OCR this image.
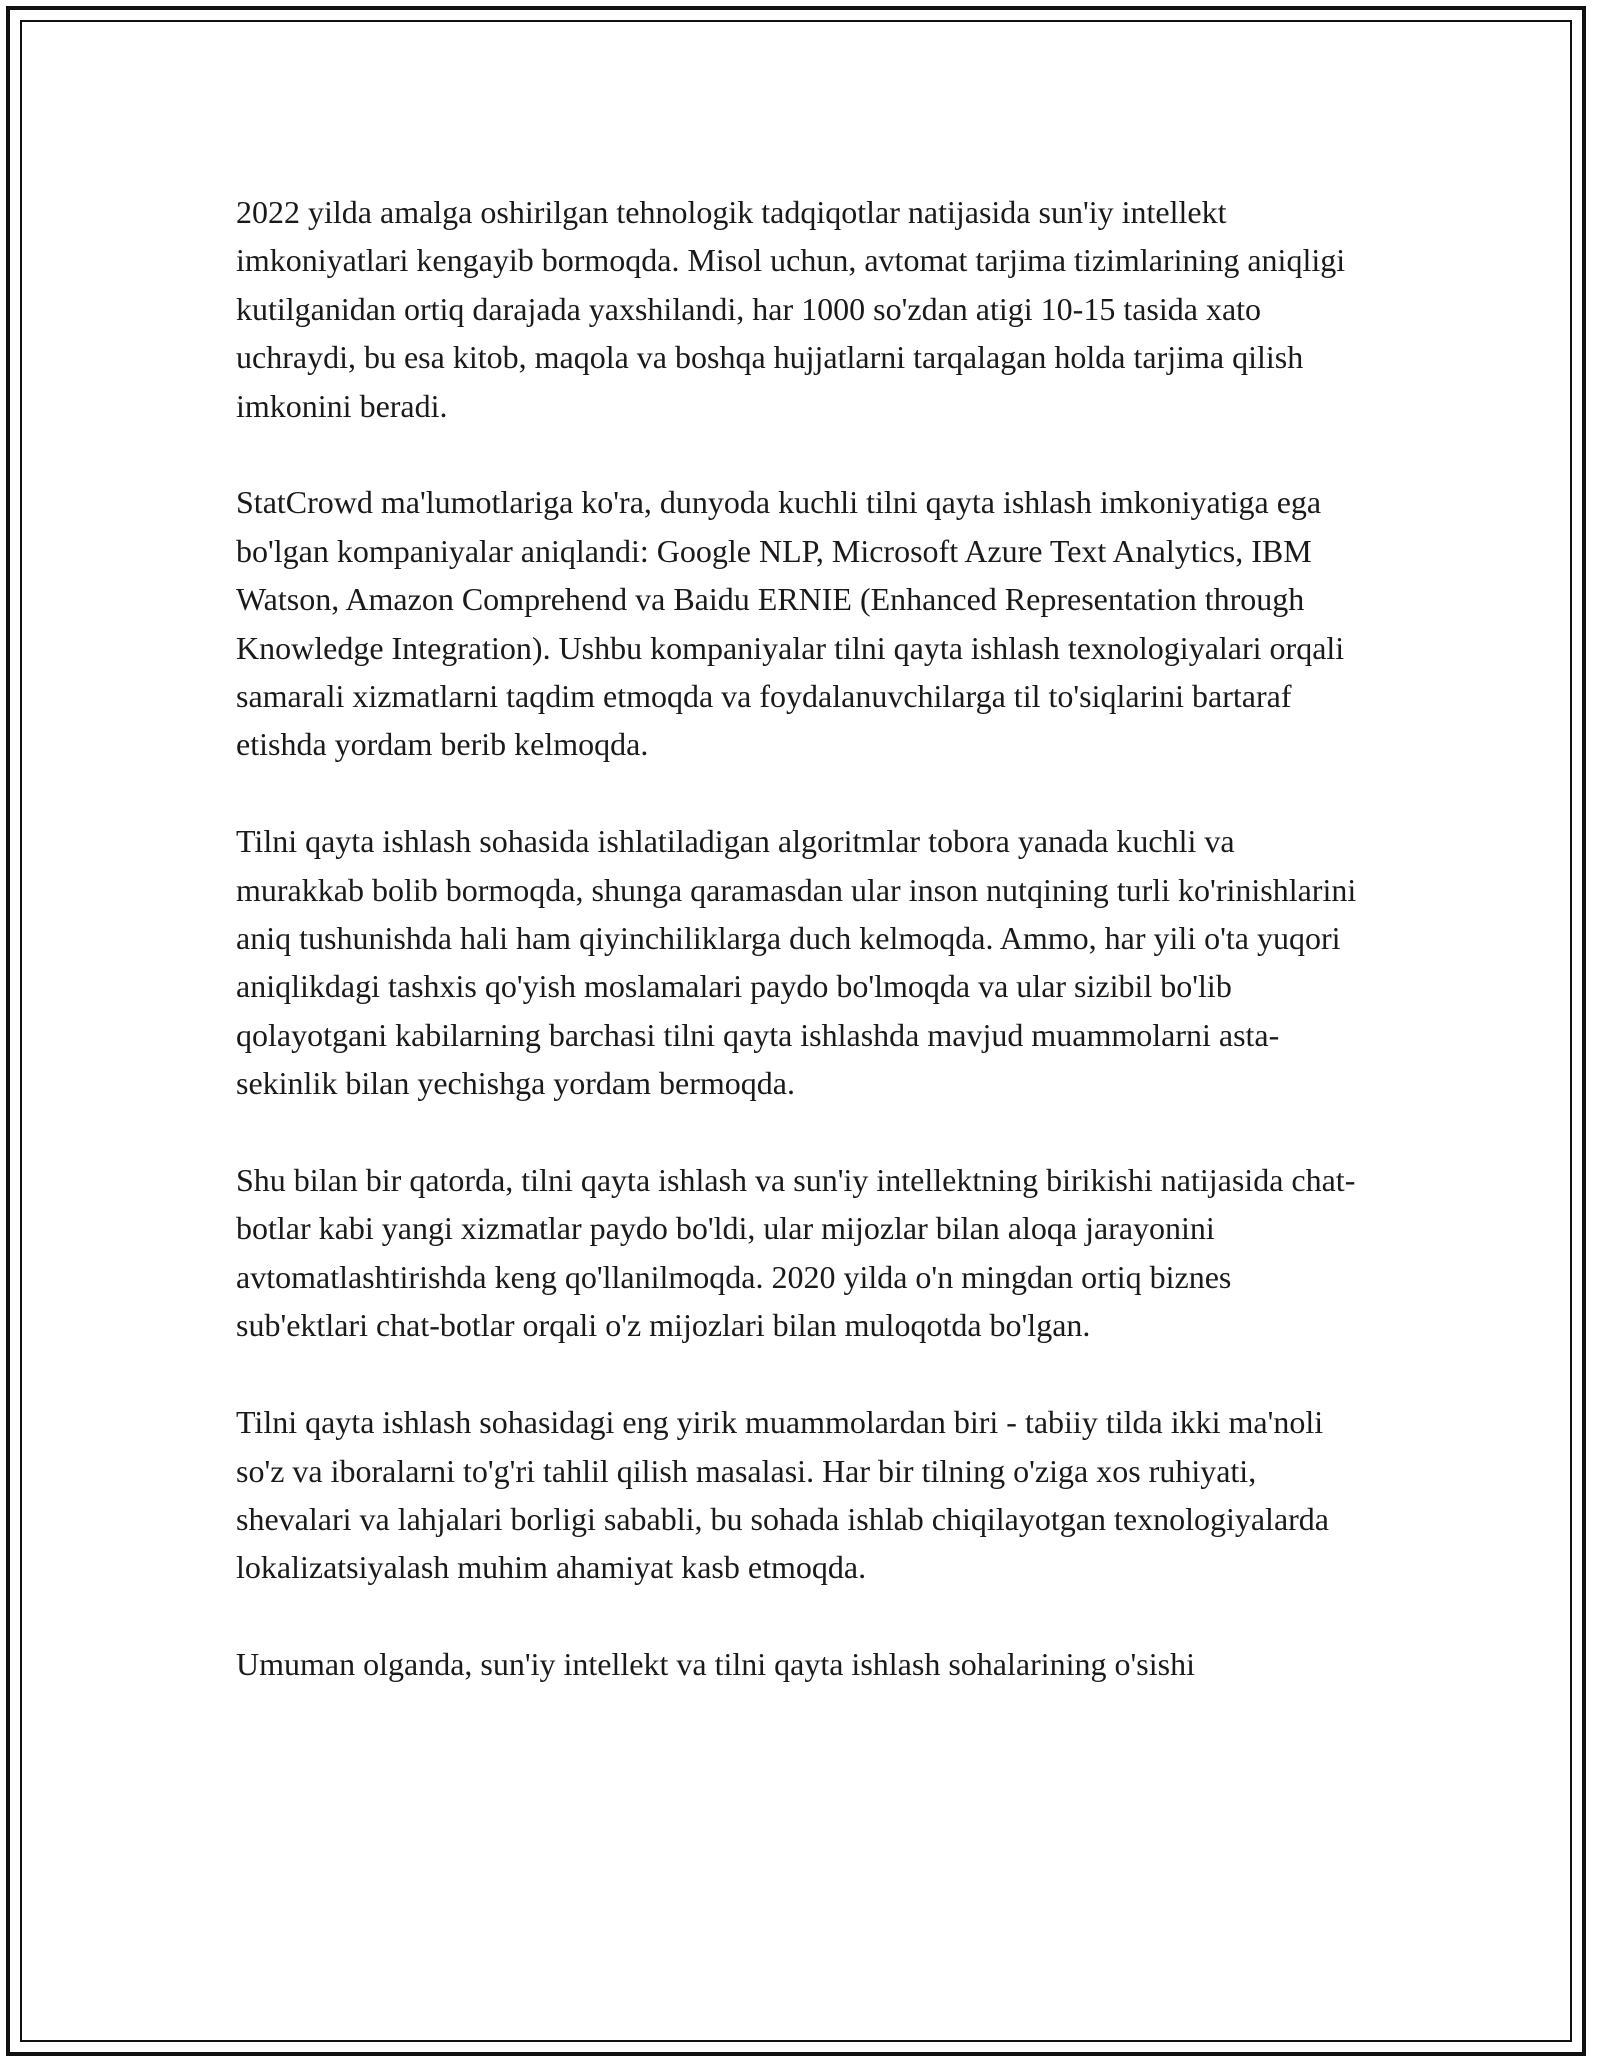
2022 yilda amalga oshirilgan tehnologik tadqiqotlar natijasida sun'iy intellekt imkoniyatlari kengayib bormoqda. Misol uchun, avtomat tarjima tizimlarining aniqligi kutilganidan ortiq darajada yaxshilandi, har 1000 so'zdan atigi 10-15 tasida xato uchraydi, bu esa kitob, maqola va boshqa hujjatlarni tarqalagan holda tarjima qilish imkonini beradi.

StatCrowd ma'lumotlariga ko'ra, dunyoda kuchli tilni qayta ishlash imkoniyatiga ega bo'lgan kompaniyalar aniqlandi: Google NLP, Microsoft Azure Text Analytics, IBM Watson, Amazon Comprehend va Baidu ERNIE (Enhanced Representation through Knowledge Integration). Ushbu kompaniyalar tilni qayta ishlash texnologiyalari orqali samarali xizmatlarni taqdim etmoqda va foydalanuvchilarga til to'siqlarini bartaraf etishda yordam berib kelmoqda.

Tilni qayta ishlash sohasida ishlatiladigan algoritmlar tobora yanada kuchli va murakkab bolib bormoqda, shunga qaramasdan ular inson nutqining turli ko'rinishlarini aniq tushunishda hali ham qiyinchiliklarga duch kelmoqda. Ammo, har yili o'ta yuqori aniqlikdagi tashxis qo'yish moslamalari paydo bo'lmoqda va ular sizibil bo'lib qolayotgani kabilarning barchasi tilni qayta ishlashda mavjud muammolarni asta-sekinlik bilan yechishga yordam bermoqda.

Shu bilan bir qatorda, tilni qayta ishlash va sun'iy intellektning birikishi natijasida chat-botlar kabi yangi xizmatlar paydo bo'ldi, ular mijozlar bilan aloqa jarayonini avtomatlashtirishda keng qo'llanilmoqda. 2020 yilda o'n mingdan ortiq biznes sub'ektlari chat-botlar orqali o'z mijozlari bilan muloqotda bo'lgan.

Tilni qayta ishlash sohasidagi eng yirik muammolardan biri - tabiiy tilda ikki ma'noli so'z va iboralarni to'g'ri tahlil qilish masalasi. Har bir tilning o'ziga xos ruhiyati, shevalari va lahjalari borligi sababli, bu sohada ishlab chiqilayotgan texnologiyalarda lokalizatsiyalash muhim ahamiyat kasb etmoqda.

Umuman olganda, sun'iy intellekt va tilni qayta ishlash sohalarining o'sishi
